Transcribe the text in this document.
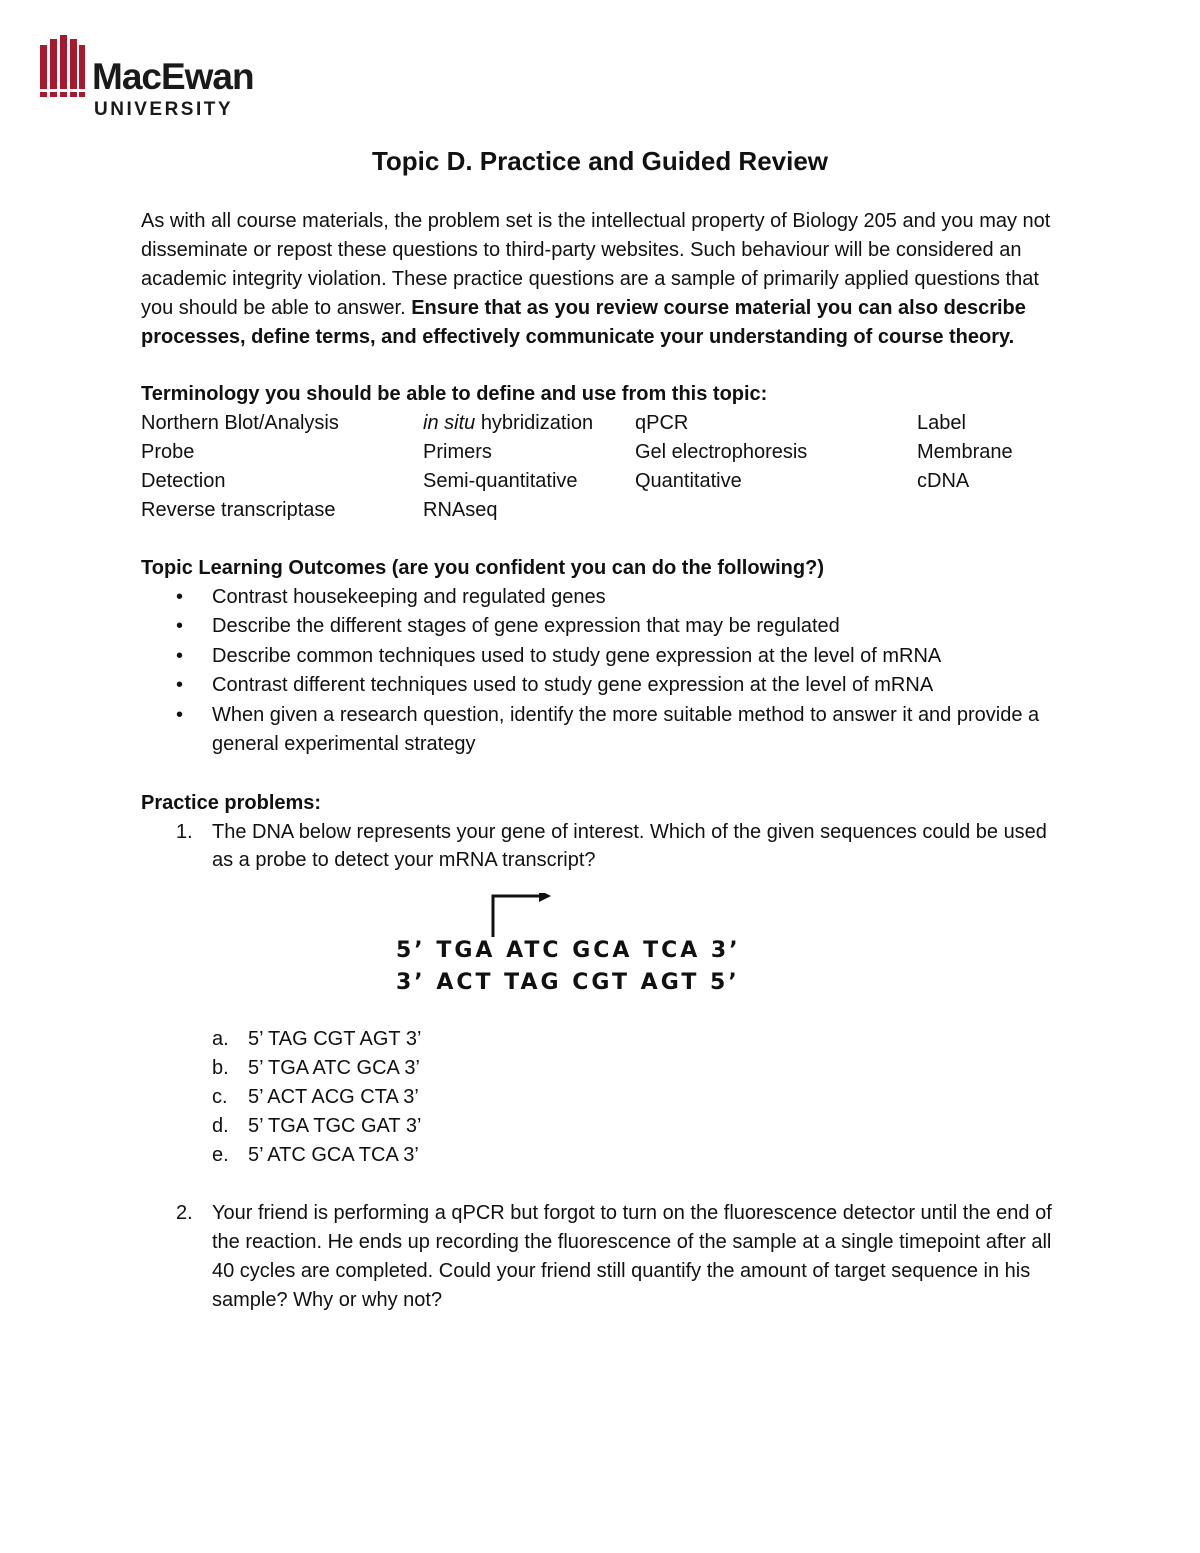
MacEwan
UNIVERSITY
Topic D. Practice and Guided Review

As with all course materials, the problem set is the intellectual property of Biology 205 and you may not disseminate or repost these questions to third-party websites. Such behaviour will be considered an academic integrity violation. These practice questions are a sample of primarily applied questions that you should be able to answer. Ensure that as you review course material you can also describe processes, define terms, and effectively communicate your understanding of course theory.

Terminology you should be able to define and use from this topic:

Northern Blot/Analysis	in situ hybridization	qPCR	Label
Probe	Primers	Gel electrophoresis	Membrane
Detection	Semi-quantitative	Quantitative	cDNA
Reverse transcriptase	RNAseq

Topic Learning Outcomes (are you confident you can do the following?)

• Contrast housekeeping and regulated genes
• Describe the different stages of gene expression that may be regulated
• Describe common techniques used to study gene expression at the level of mRNA
• Contrast different techniques used to study gene expression at the level of mRNA
• When given a research question, identify the more suitable method to answer it and provide a general experimental strategy

Practice problems:

1. The DNA below represents your gene of interest. Which of the given sequences could be used as a probe to detect your mRNA transcript?
5’ TGA ATC GCA TCA 3’
3’ ACT TAG CGT AGT 5’
a. 5’ TAG CGT AGT 3’
b. 5’ TGA ATC GCA 3’
c. 5’ ACT ACG CTA 3’
d. 5’ TGA TGC GAT 3’
e. 5’ ATC GCA TCA 3’
2. Your friend is performing a qPCR but forgot to turn on the fluorescence detector until the end of the reaction. He ends up recording the fluorescence of the sample at a single timepoint after all 40 cycles are completed. Could your friend still quantify the amount of target sequence in his sample? Why or why not?
